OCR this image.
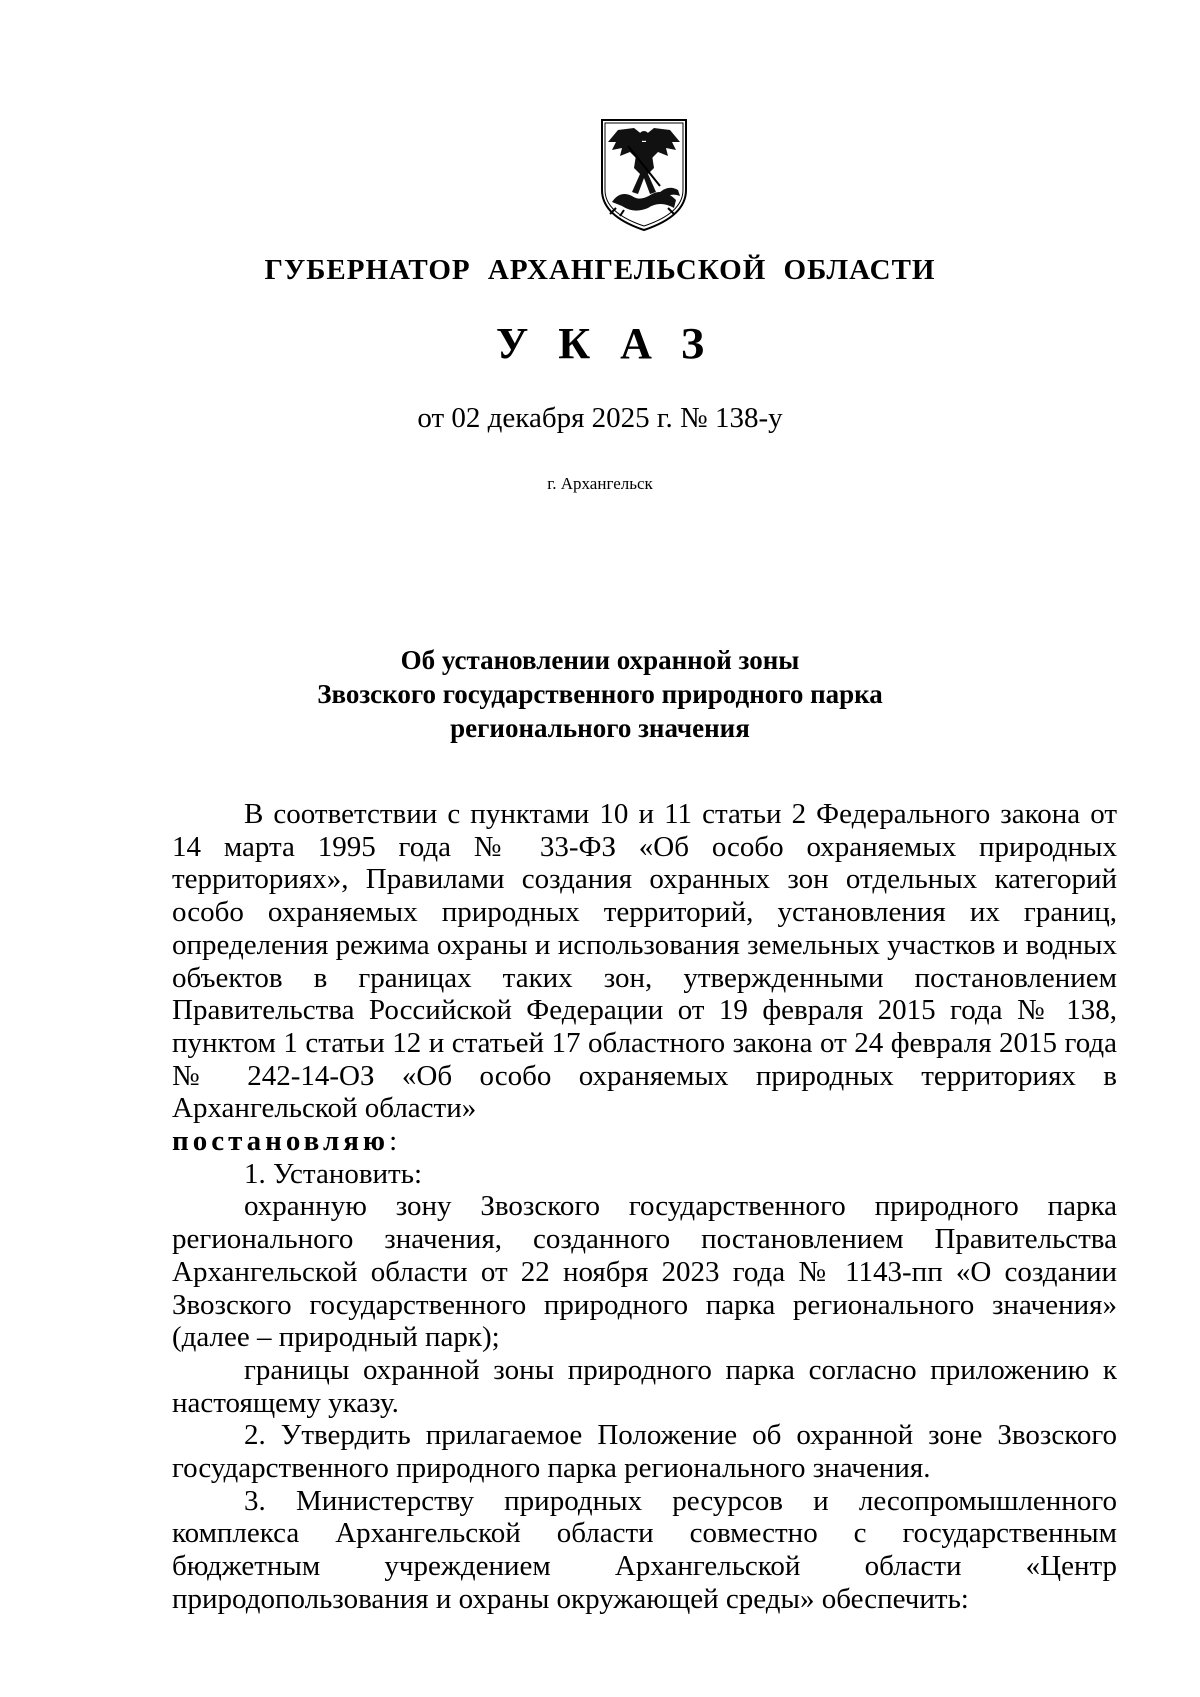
ГУБЕРНАТОР АРХАНГЕЛЬСКОЙ ОБЛАСТИ
УКАЗ
от 02 декабря 2025 г. № 138-у
г. Архангельск
Об установлении охранной зоны
Звозского государственного природного парка
регионального значения

В соответствии с пунктами 10 и 11 статьи 2 Федерального закона от 14 марта 1995 года № 33-ФЗ «Об особо охраняемых природных территориях», Правилами создания охранных зон отдельных категорий особо охраняемых природных территорий, установления их границ, определения режима охраны и использования земельных участков и водных объектов в границах таких зон, утвержденными постановлением Правительства Российской Федерации от 19 февраля 2015 года № 138, пунктом 1 статьи 12 и статьей 17 областного закона от 24 февраля 2015 года № 242-14-ОЗ «Об особо охраняемых природных территориях в Архангельской области»

постановляю:

1. Установить:

охранную зону Звозского государственного природного парка регионального значения, созданного постановлением Правительства Архангельской области от 22 ноября 2023 года № 1143-пп «О создании Звозского государственного природного парка регионального значения» (далее – природный парк);

границы охранной зоны природного парка согласно приложению к настоящему указу.

2. Утвердить прилагаемое Положение об охранной зоне Звозского государственного природного парка регионального значения.

3. Министерству природных ресурсов и лесопромышленного комплекса Архангельской области совместно с государственным бюджетным учреждением Архангельской области «Центр природопользования и охраны окружающей среды» обеспечить:
